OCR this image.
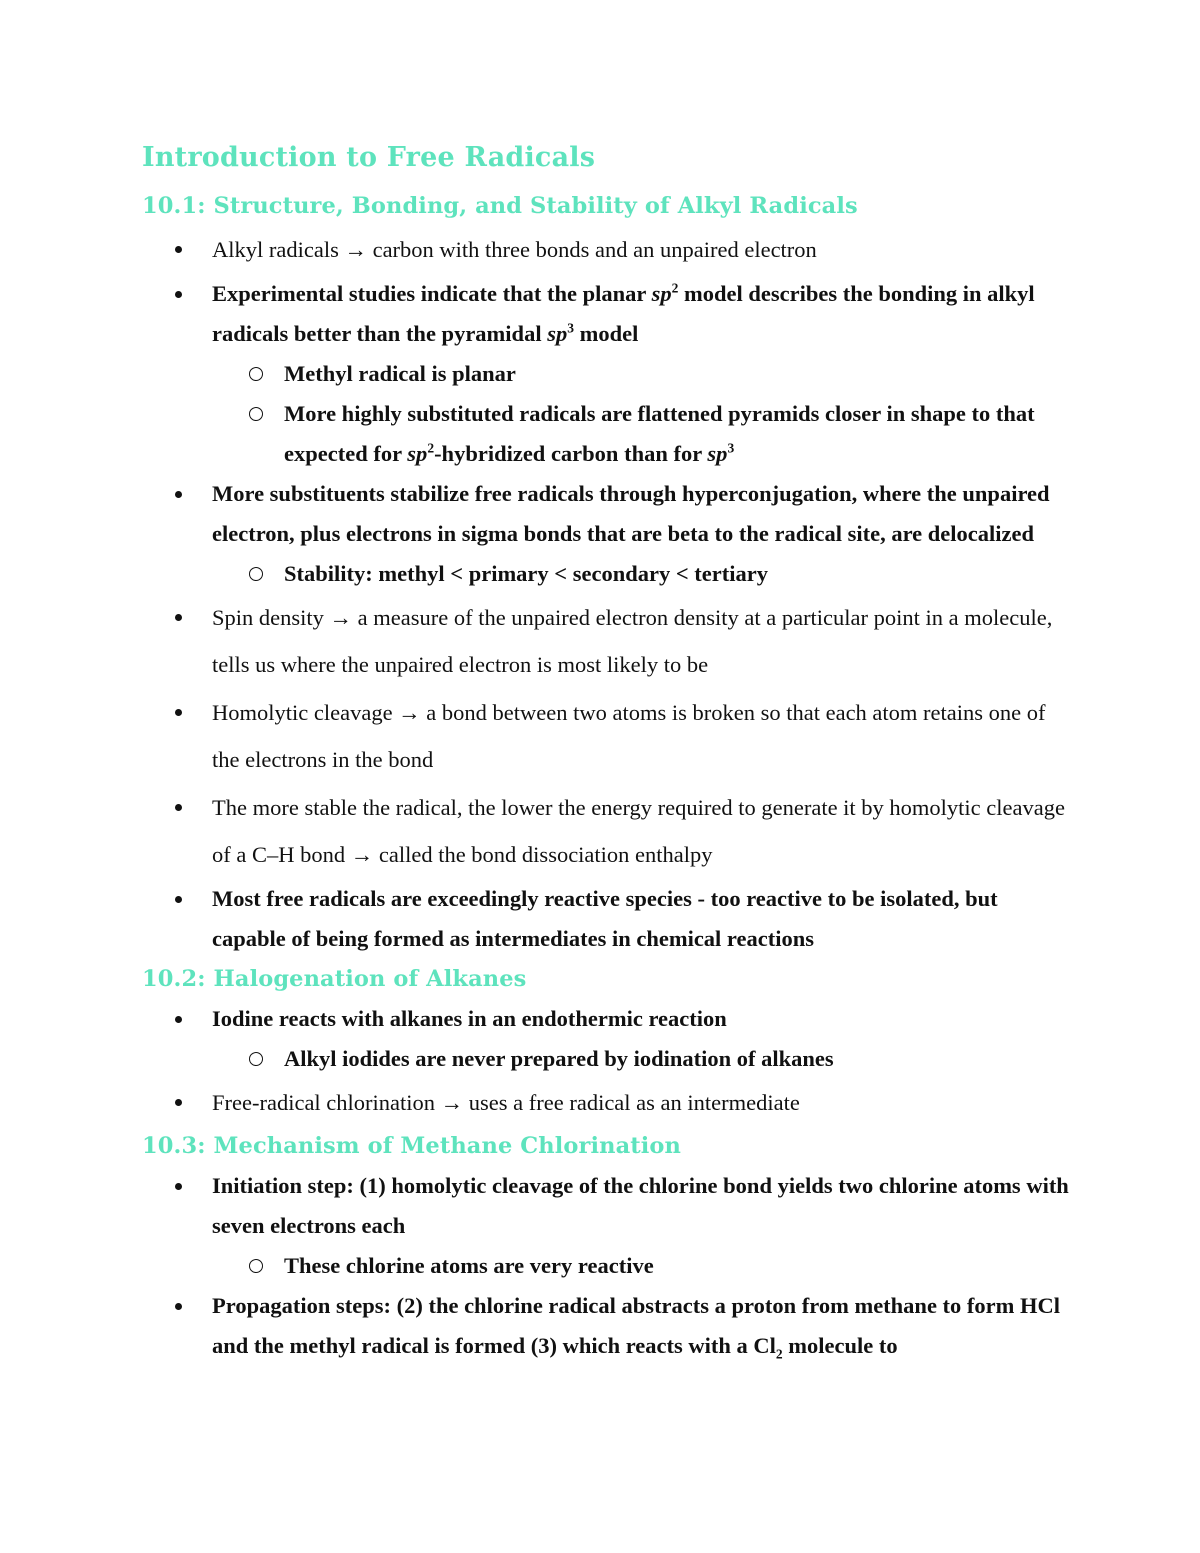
Introduction to Free Radicals
10.1: Structure, Bonding, and Stability of Alkyl Radicals
Alkyl radicals → carbon with three bonds and an unpaired electron
Experimental studies indicate that the planar $sp^2$ model describes the bonding in alkyl radicals better than the pyramidal $sp^3$ model
Methyl radical is planar
More highly substituted radicals are flattened pyramids closer in shape to that expected for $sp^2$-hybridized carbon than for $sp^3$
More substituents stabilize free radicals through hyperconjugation, where the unpaired electron, plus electrons in sigma bonds that are beta to the radical site, are delocalized
Stability: methyl < primary < secondary < tertiary
Spin density → a measure of the unpaired electron density at a particular point in a molecule, tells us where the unpaired electron is most likely to be
Homolytic cleavage → a bond between two atoms is broken so that each atom retains one of the electrons in the bond
The more stable the radical, the lower the energy required to generate it by homolytic cleavage of a C–H bond → called the bond dissociation enthalpy
Most free radicals are exceedingly reactive species - too reactive to be isolated, but capable of being formed as intermediates in chemical reactions
10.2: Halogenation of Alkanes
Iodine reacts with alkanes in an endothermic reaction
Alkyl iodides are never prepared by iodination of alkanes
Free-radical chlorination → uses a free radical as an intermediate
10.3: Mechanism of Methane Chlorination
Initiation step: (1) homolytic cleavage of the chlorine bond yields two chlorine atoms with seven electrons each
These chlorine atoms are very reactive
Propagation steps: (2) the chlorine radical abstracts a proton from methane to form HCl and the methyl radical is formed (3) which reacts with a $Cl_2$ molecule to
